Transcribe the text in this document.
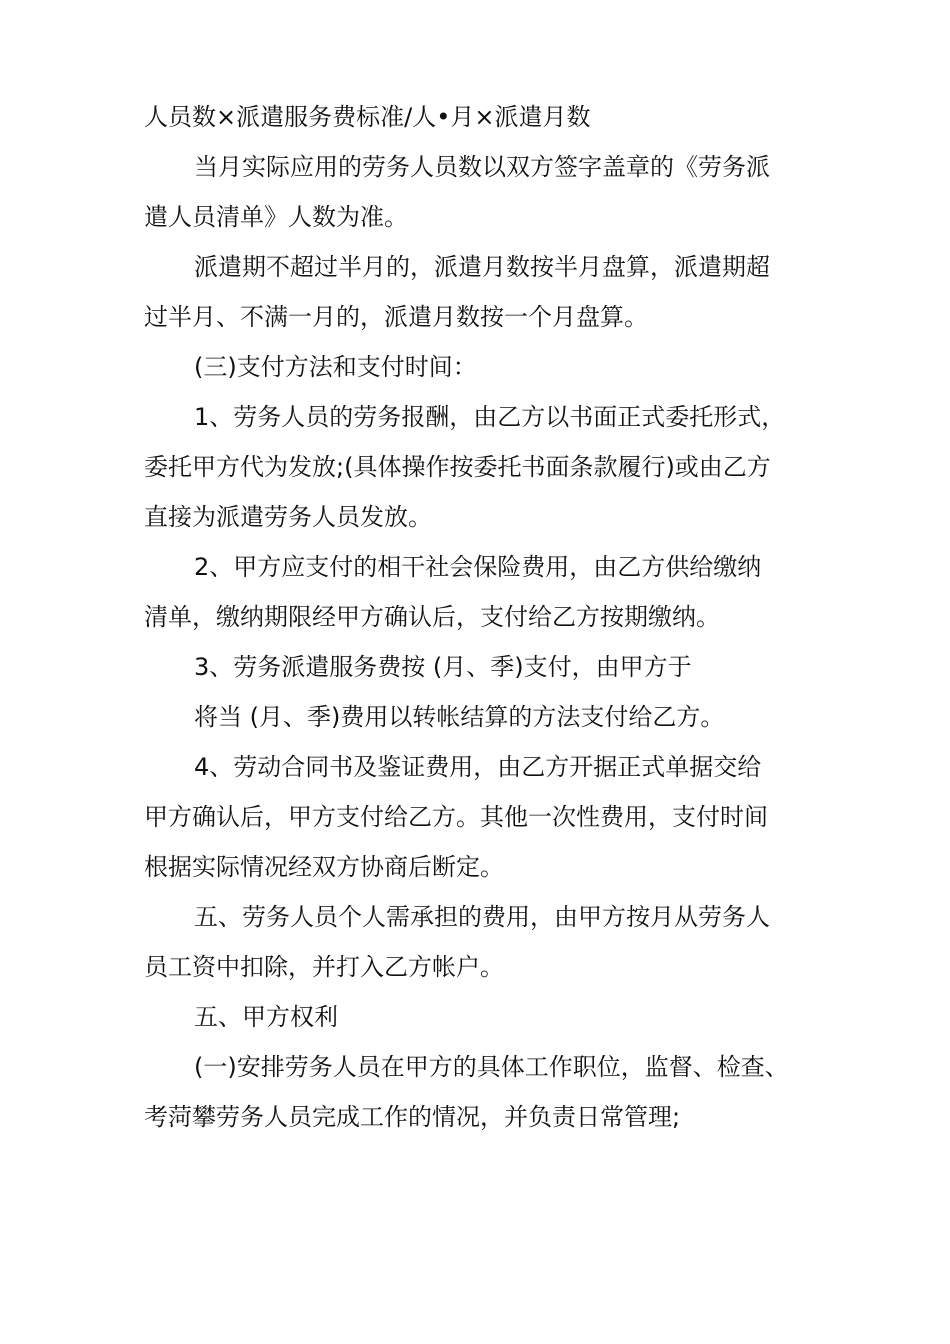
人员数×派遣服务费标准/人•月×派遣月数
当月实际应用的劳务人员数以双方签字盖章的《劳务派
遣人员清单》人数为准。
派遣期不超过半月的，派遣月数按半月盘算，派遣期超
过半月、不满一月的，派遣月数按一个月盘算。
(三)支付方法和支付时间：
1、劳务人员的劳务报酬，由乙方以书面正式委托形式，
委托甲方代为发放;(具体操作按委托书面条款履行)或由乙方
直接为派遣劳务人员发放。
2、甲方应支付的相干社会保险费用，由乙方供给缴纳
清单，缴纳期限经甲方确认后，支付给乙方按期缴纳。
3、劳务派遣服务费按 (月、季)支付，由甲方于
将当 (月、季)费用以转帐结算的方法支付给乙方。
4、劳动合同书及鉴证费用，由乙方开据正式单据交给
甲方确认后，甲方支付给乙方。其他一次性费用，支付时间
根据实际情况经双方协商后断定。
五、劳务人员个人需承担的费用，由甲方按月从劳务人
员工资中扣除，并打入乙方帐户。
五、甲方权利
(一)安排劳务人员在甲方的具体工作职位，监督、检查、
考菏攀劳务人员完成工作的情况，并负责日常管理;
